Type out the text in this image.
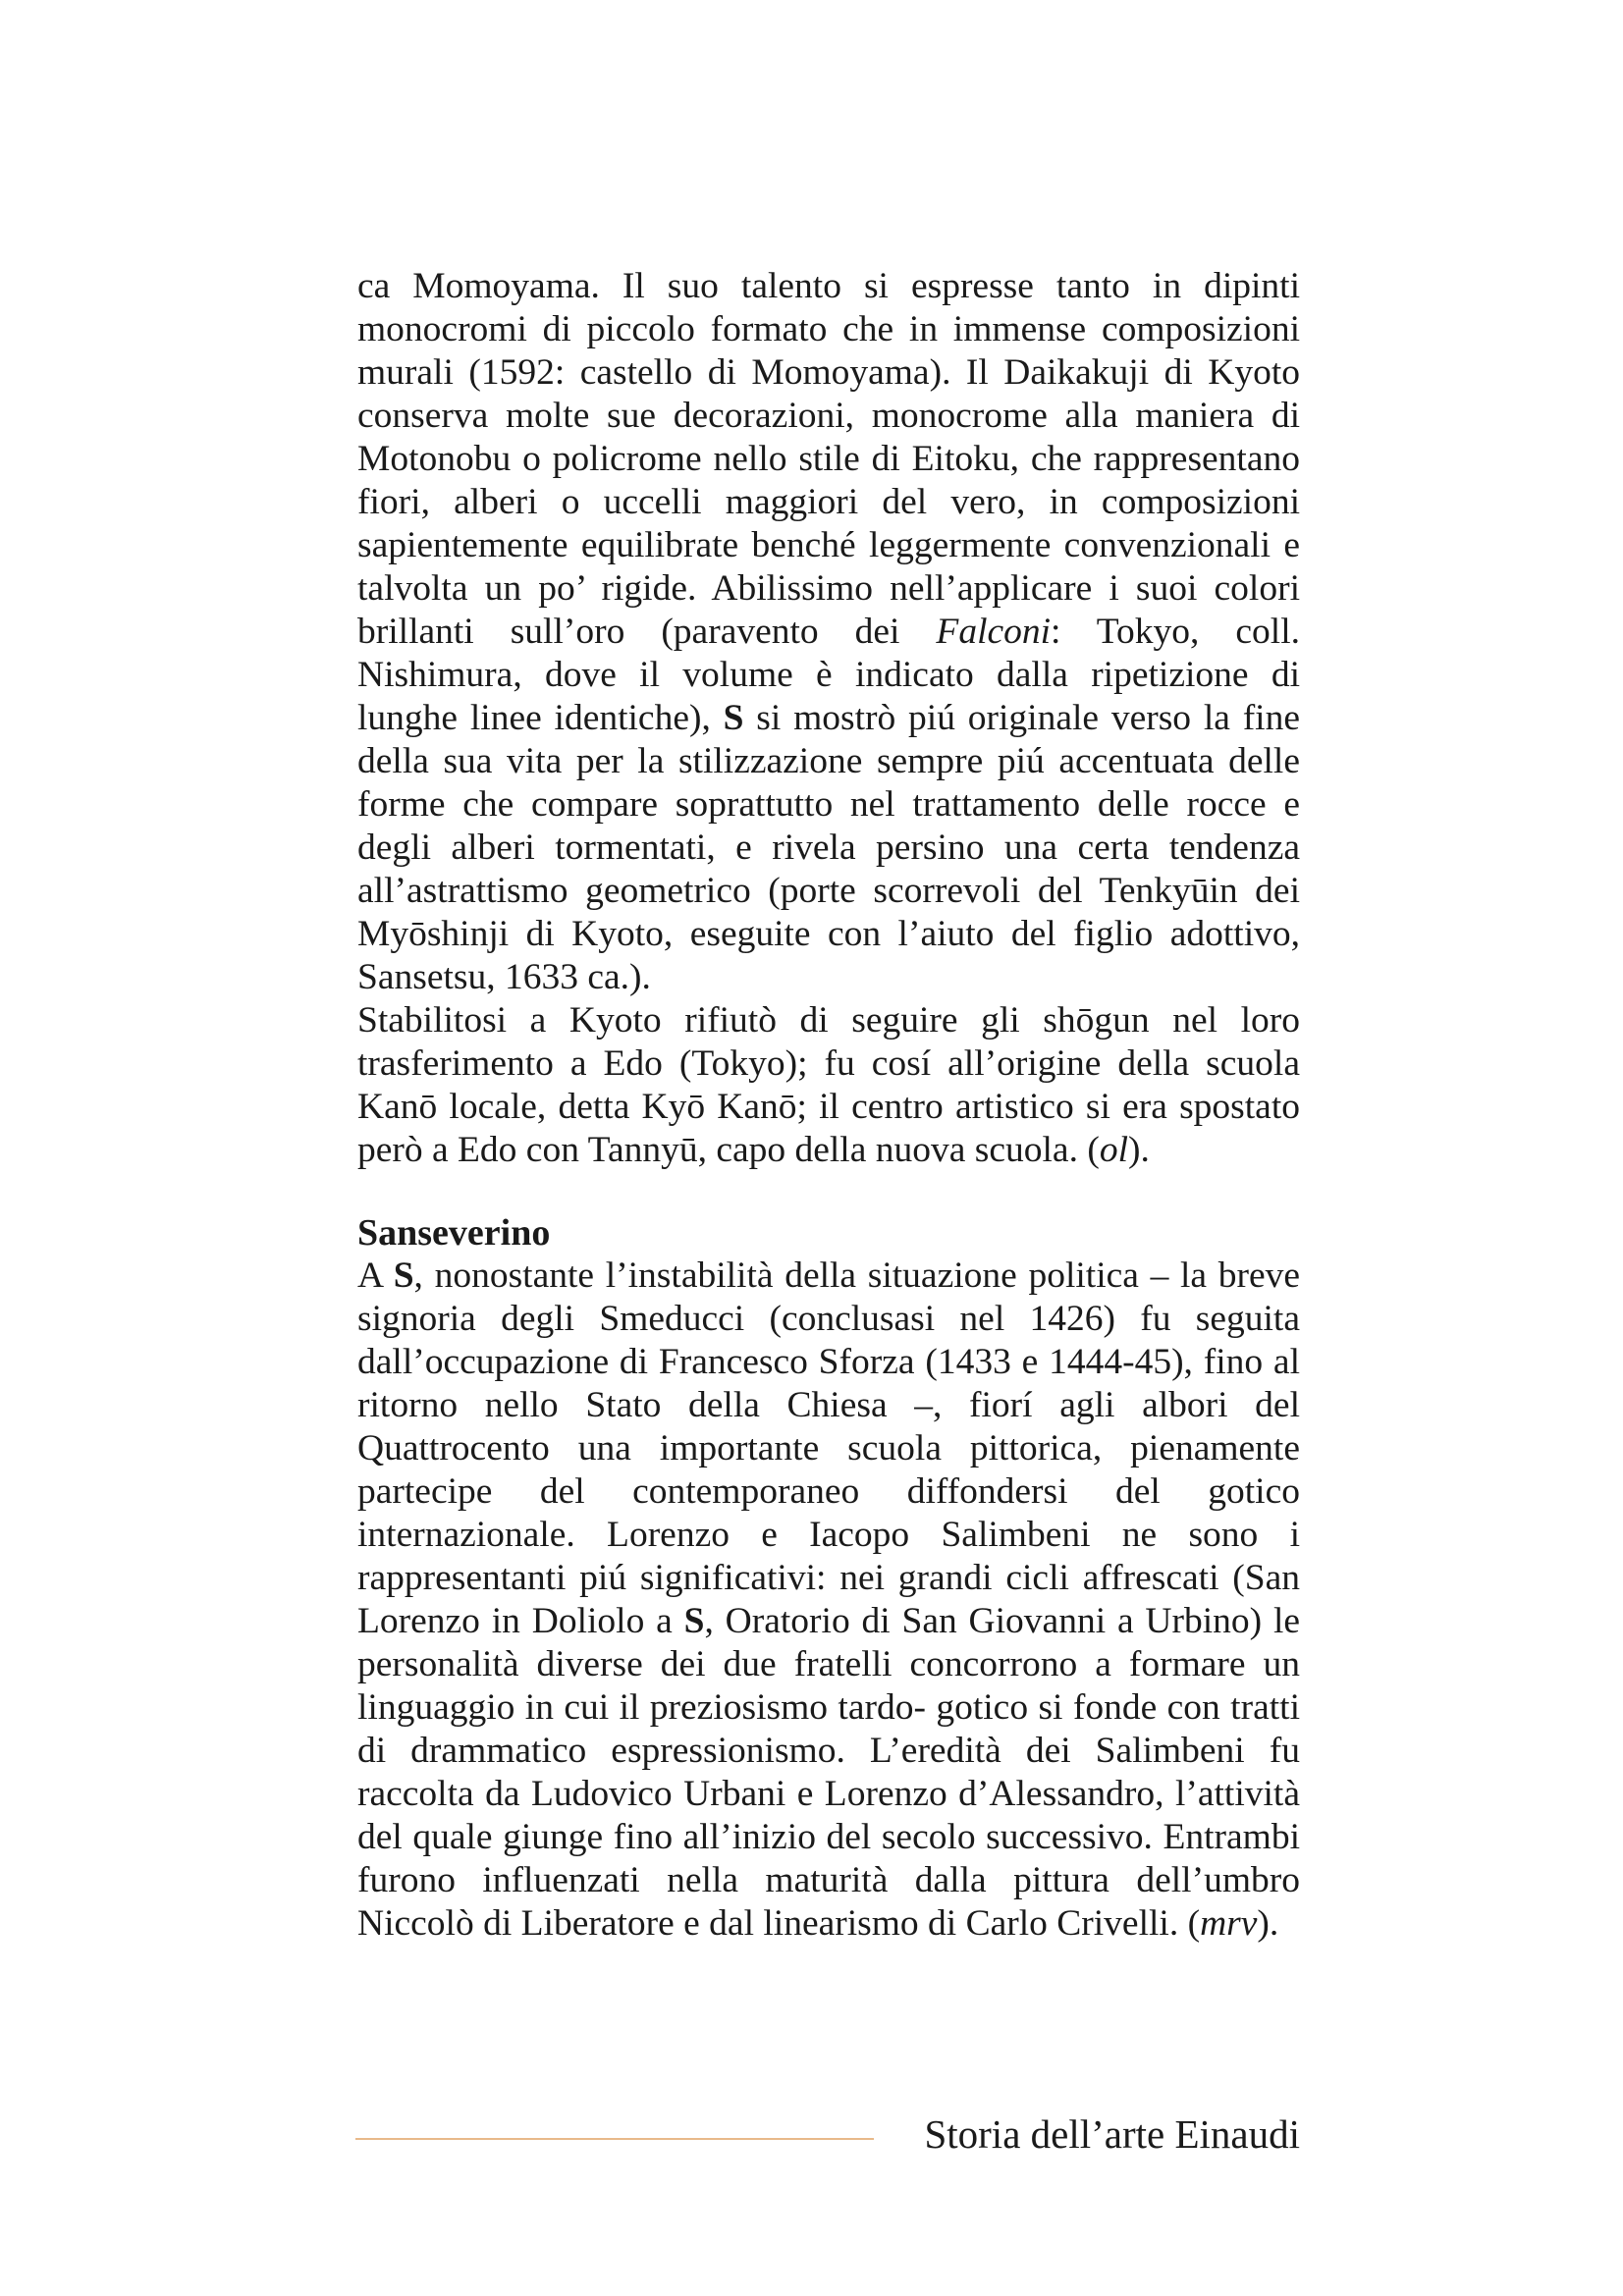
ca Momoyama. Il suo talento si espresse tanto in dipinti monocromi di piccolo formato che in immense composizioni murali (1592: castello di Momoyama). Il Daikakuji di Kyoto conserva molte sue decorazioni, monocrome alla maniera di Motonobu o policrome nello stile di Eitoku, che rappresentano fiori, alberi o uccelli maggiori del vero, in composizioni sapientemente equilibrate benché leggermente convenzionali e talvolta un po’ rigide. Abilissimo nell’applicare i suoi colori brillanti sull’oro (paravento dei Falconi: Tokyo, coll. Nishimura, dove il volume è indicato dalla ripetizione di lunghe linee identiche), S si mostrò piú originale verso la fine della sua vita per la stilizzazione sempre piú accentuata delle forme che compare soprattutto nel trattamento delle rocce e degli alberi tormentati, e rivela persino una certa tendenza all’astrattismo geometrico (porte scorrevoli del Tenkyūin dei Myōshinji di Kyoto, eseguite con l’aiuto del figlio adottivo, Sansetsu, 1633 ca.).

Stabilitosi a Kyoto rifiutò di seguire gli shōgun nel loro trasferimento a Edo (Tokyo); fu cosí all’origine della scuola Kanō locale, detta Kyō Kanō; il centro artistico si era spostato però a Edo con Tannyū, capo della nuova scuola. (ol).

Sanseverino

A S, nonostante l’instabilità della situazione politica – la breve signoria degli Smeducci (conclusasi nel 1426) fu seguita dall’occupazione di Francesco Sforza (1433 e 1444-45), fino al ritorno nello Stato della Chiesa –, fiorí agli albori del Quattrocento una importante scuola pittorica, pienamente partecipe del contemporaneo diffondersi del gotico internazionale. Lorenzo e Iacopo Salimbeni ne sono i rappresentanti piú significativi: nei grandi cicli affrescati (San Lorenzo in Doliolo a S, Oratorio di San Giovanni a Urbino) le personalità diverse dei due fratelli concorrono a formare un linguaggio in cui il preziosismo tardo- gotico si fonde con tratti di drammatico espressionismo. L’eredità dei Salimbeni fu raccolta da Ludovico Urbani e Lorenzo d’Alessandro, l’attività del quale giunge fino all’inizio del secolo successivo. Entrambi furono influenzati nella maturità dalla pittura dell’umbro Niccolò di Liberatore e dal linearismo di Carlo Crivelli. (mrv).

Storia dell’arte Einaudi
